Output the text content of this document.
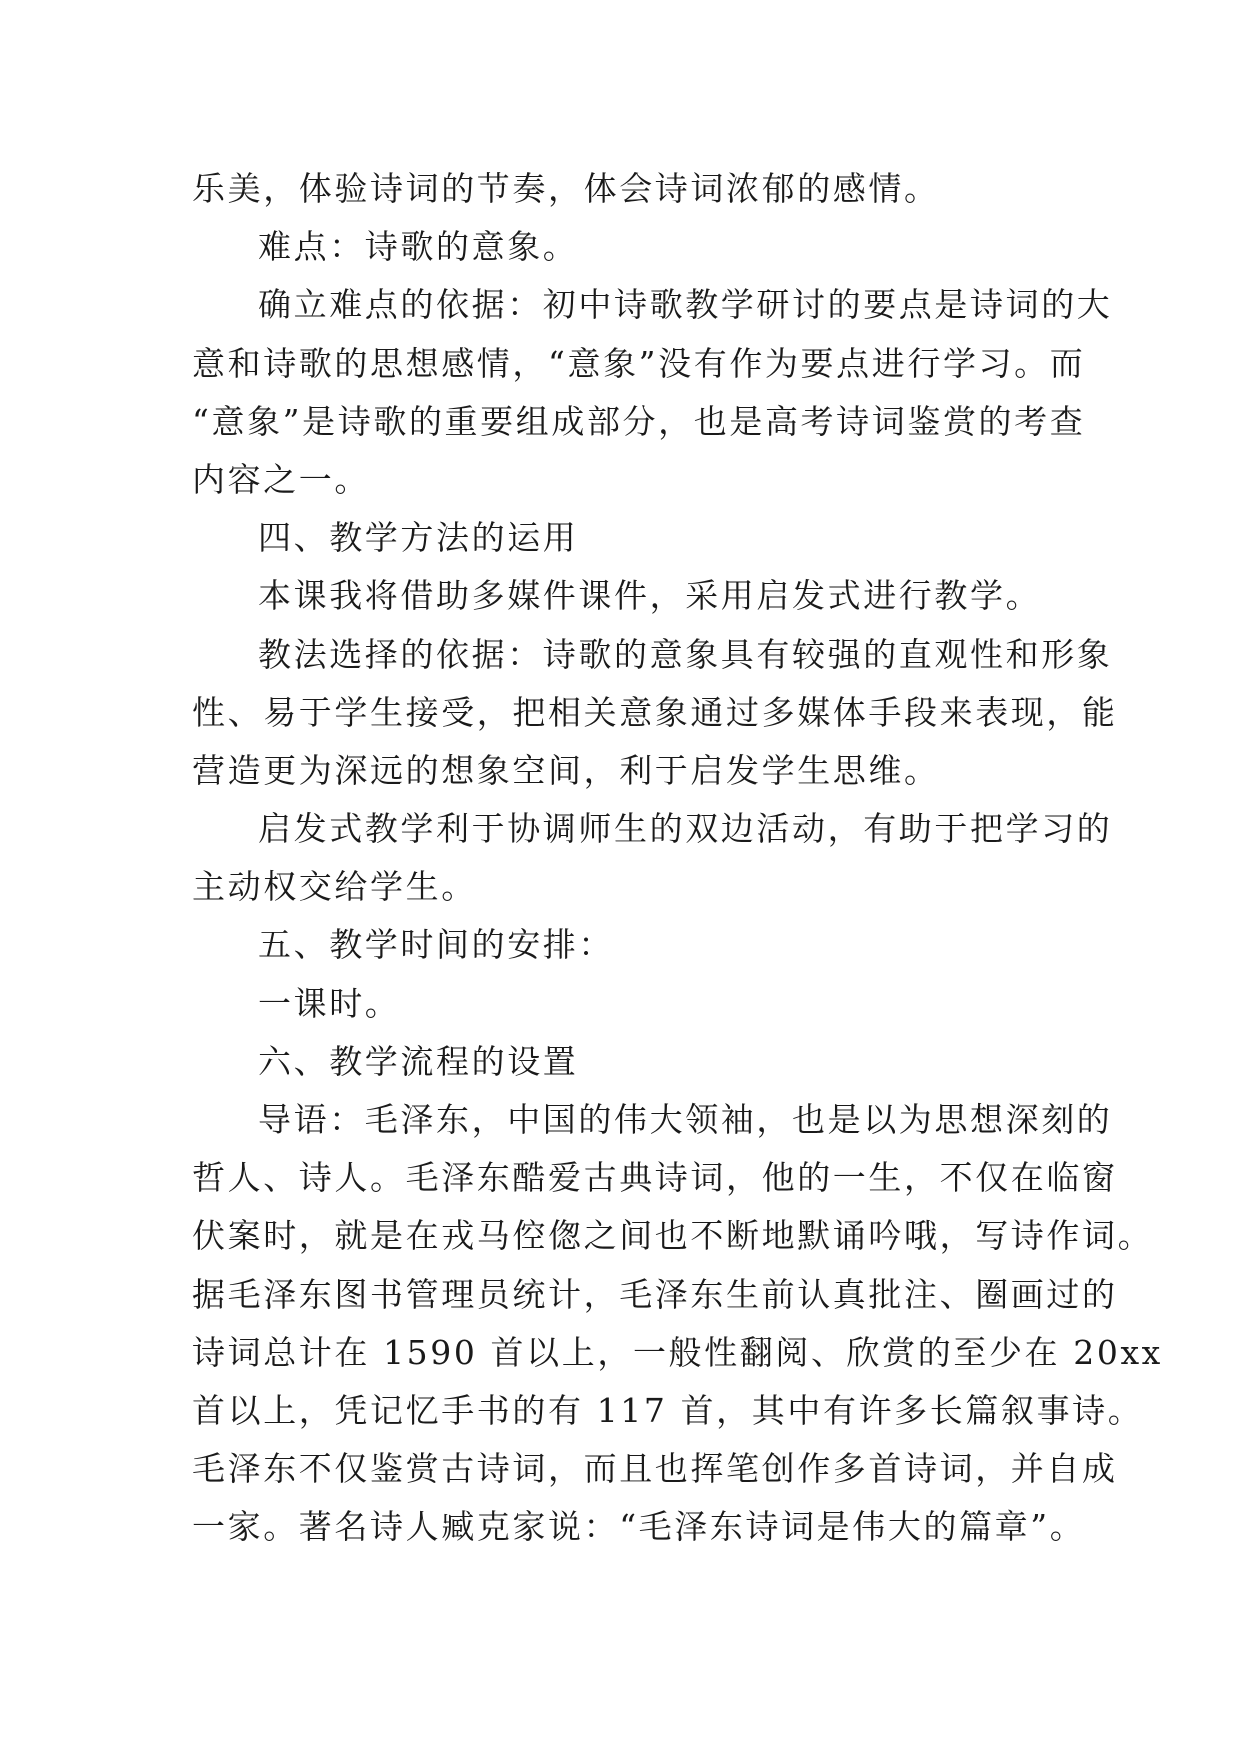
乐美，体验诗词的节奏，体会诗词浓郁的感情。
难点：诗歌的意象。
确立难点的依据：初中诗歌教学研讨的要点是诗词的大
意和诗歌的思想感情，“意象”没有作为要点进行学习。而
“意象”是诗歌的重要组成部分，也是高考诗词鉴赏的考查
内容之一。
四、教学方法的运用
本课我将借助多媒件课件，采用启发式进行教学。
教法选择的依据：诗歌的意象具有较强的直观性和形象
性、易于学生接受，把相关意象通过多媒体手段来表现，能
营造更为深远的想象空间，利于启发学生思维。
启发式教学利于协调师生的双边活动，有助于把学习的
主动权交给学生。
五、教学时间的安排：
一课时。
六、教学流程的设置
导语：毛泽东，中国的伟大领袖，也是以为思想深刻的
哲人、诗人。毛泽东酷爱古典诗词，他的一生，不仅在临窗
伏案时，就是在戎马倥偬之间也不断地默诵吟哦，写诗作词。
据毛泽东图书管理员统计，毛泽东生前认真批注、圈画过的
诗词总计在 1590 首以上，一般性翻阅、欣赏的至少在 20xx
首以上，凭记忆手书的有 117 首，其中有许多长篇叙事诗。
毛泽东不仅鉴赏古诗词，而且也挥笔创作多首诗词，并自成
一家。著名诗人臧克家说：“毛泽东诗词是伟大的篇章”。
